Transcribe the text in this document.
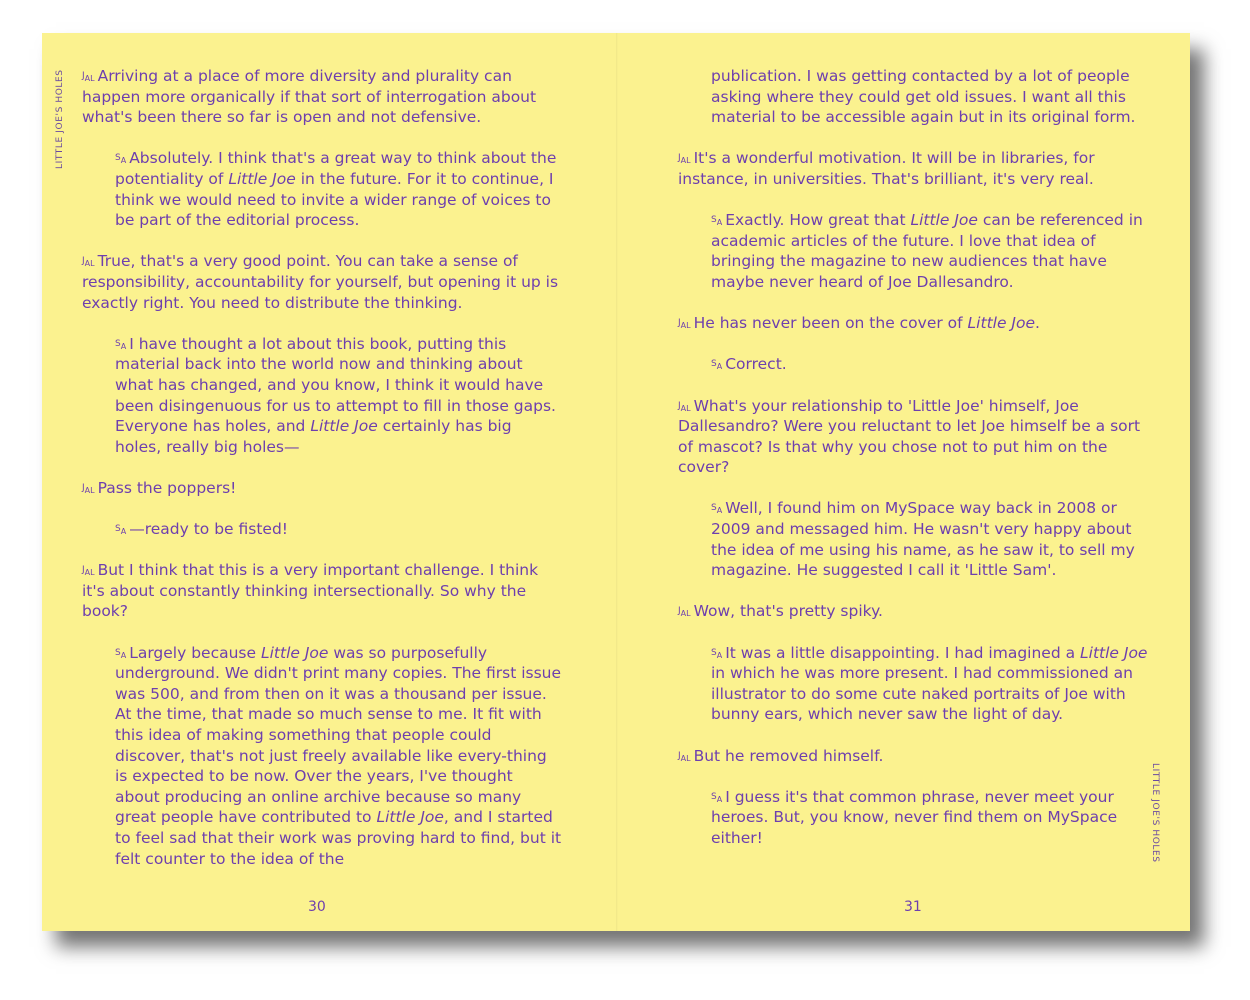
LITTLE JOE'S HOLES
LITTLE JOE'S HOLES

JAL Arriving at a place of more diversity and plurality can happen more organically if that sort of interrogation about what's been there so far is open and not defensive.

SA Absolutely. I think that's a great way to think about the potentiality of Little Joe in the future. For it to continue, I think we would need to invite a wider range of voices to be part of the editorial process.

JAL True, that's a very good point. You can take a sense of responsibility, accountability for yourself, but opening it up is exactly right. You need to distribute the thinking.

SA I have thought a lot about this book, putting this material back into the world now and thinking about what has changed, and you know, I think it would have been disingenuous for us to attempt to fill in those gaps. Everyone has holes, and Little Joe certainly has big holes, really big holes—

JAL Pass the poppers!

SA —ready to be fisted!

JAL But I think that this is a very important challenge. I think it's about constantly thinking intersectionally. So why the book?

SA Largely because Little Joe was so purposefully underground. We didn't print many copies. The first issue was 500, and from then on it was a thousand per issue. At the time, that made so much sense to me. It fit with this idea of making something that people could discover, that's not just freely available like every-thing is expected to be now. Over the years, I've thought about producing an online archive because so many great people have contributed to Little Joe, and I started to feel sad that their work was proving hard to find, but it felt counter to the idea of the

publication. I was getting contacted by a lot of people asking where they could get old issues. I want all this material to be accessible again but in its original form.

JAL It's a wonderful motivation. It will be in libraries, for instance, in universities. That's brilliant, it's very real.

SA Exactly. How great that Little Joe can be referenced in academic articles of the future. I love that idea of bringing the magazine to new audiences that have maybe never heard of Joe Dallesandro.

JAL He has never been on the cover of Little Joe.

SA Correct.

JAL What's your relationship to 'Little Joe' himself, Joe Dallesandro? Were you reluctant to let Joe himself be a sort of mascot? Is that why you chose not to put him on the cover?

SA Well, I found him on MySpace way back in 2008 or 2009 and messaged him. He wasn't very happy about the idea of me using his name, as he saw it, to sell my magazine. He suggested I call it 'Little Sam'.

JAL Wow, that's pretty spiky.

SA It was a little disappointing. I had imagined a Little Joe in which he was more present. I had commissioned an illustrator to do some cute naked portraits of Joe with bunny ears, which never saw the light of day.

JAL But he removed himself.

SA I guess it's that common phrase, never meet your heroes. But, you know, never find them on MySpace either!

30	31
